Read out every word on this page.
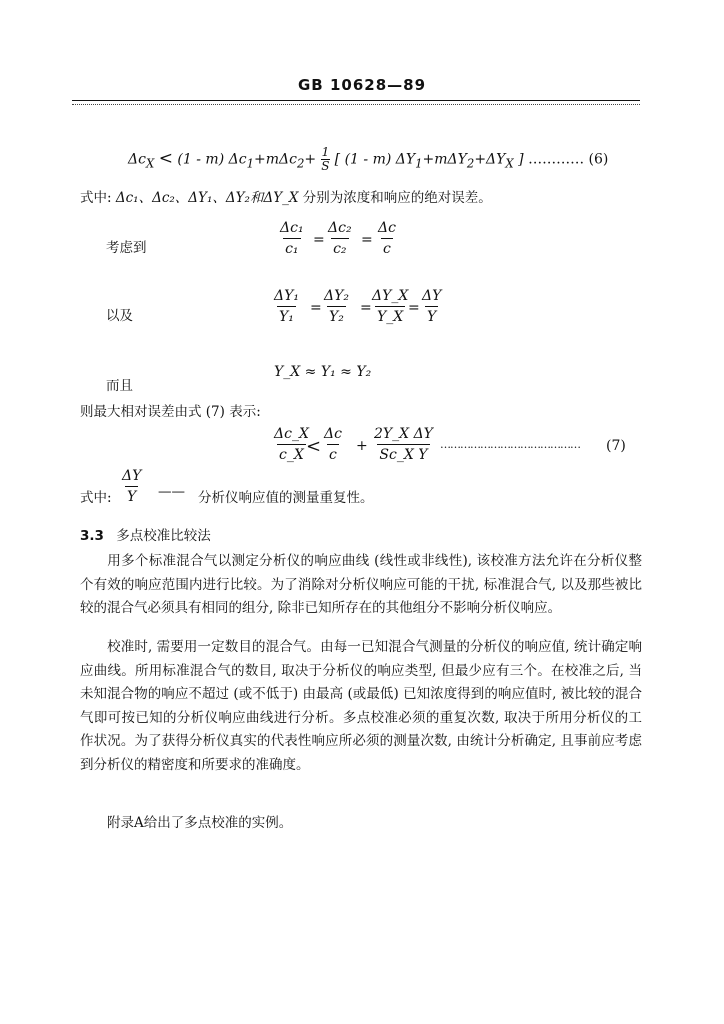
GB 10628—89
$\Delta c_X < (1 - m)$ $\Delta c_1+m\Delta c_2+ \frac{1}{S}$ [ (1 - m) $\Delta Y_1+m\Delta Y_2+\Delta Y_X$ ] ………… (6)
式中: Δc₁、Δc₂、ΔY₁、ΔY₂和ΔY_X 分别为浓度和响应的绝对误差。
考虑到	$\frac{\text{Δc₁}}{\text{c₁}} = \frac{\text{Δc₂}}{\text{c₂}} = \frac{\Delta c}{c}$
以及	$\frac{\text{ΔY₁}}{\text{Y₁}} = \frac{\text{ΔY₂}}{\text{Y₂}}$ =
$\frac{\Delta Y\_X}{Y\_X}$
= $\frac{\Delta Y}{Y}$
而且
Y_X ≈ Y₁ ≈ Y₂
则最大相对误差由式 (7) 表示:
$\frac{\Delta c\_X}{c\_X}$
< $\frac{\Delta c}{c} + \frac{\text{2Y\_X ΔY}}{\text{Sc\_X Y}}$ …………………………………… (7)
式中: $\frac{\Delta Y}{Y}$ —— 分析仪响应值的测量重复性。
3.3 多点校准比较法
用多个标准混合气以测定分析仪的响应曲线 (线性或非线性), 该校准方法允许在分析仪整个有效的响应范围内进行比较。为了消除对分析仪响应可能的干扰, 标准混合气, 以及那些被比较的混合气必须具有相同的组分, 除非已知所存在的其他组分不影响分析仪响应。
校准时, 需要用一定数目的混合气。由每一已知混合气测量的分析仪的响应值, 统计确定响应曲线。所用标准混合气的数目, 取决于分析仪的响应类型, 但最少应有三个。在校准之后, 当未知混合物的响应不超过 (或不低于) 由最高 (或最低) 已知浓度得到的响应值时, 被比较的混合气即可按已知的分析仪响应曲线进行分析。多点校准必须的重复次数, 取决于所用分析仪的工作状况。为了获得分析仪真实的代表性响应所必须的测量次数, 由统计分析确定, 且事前应考虑到分析仪的精密度和所要求的准确度。
附录A给出了多点校准的实例。
